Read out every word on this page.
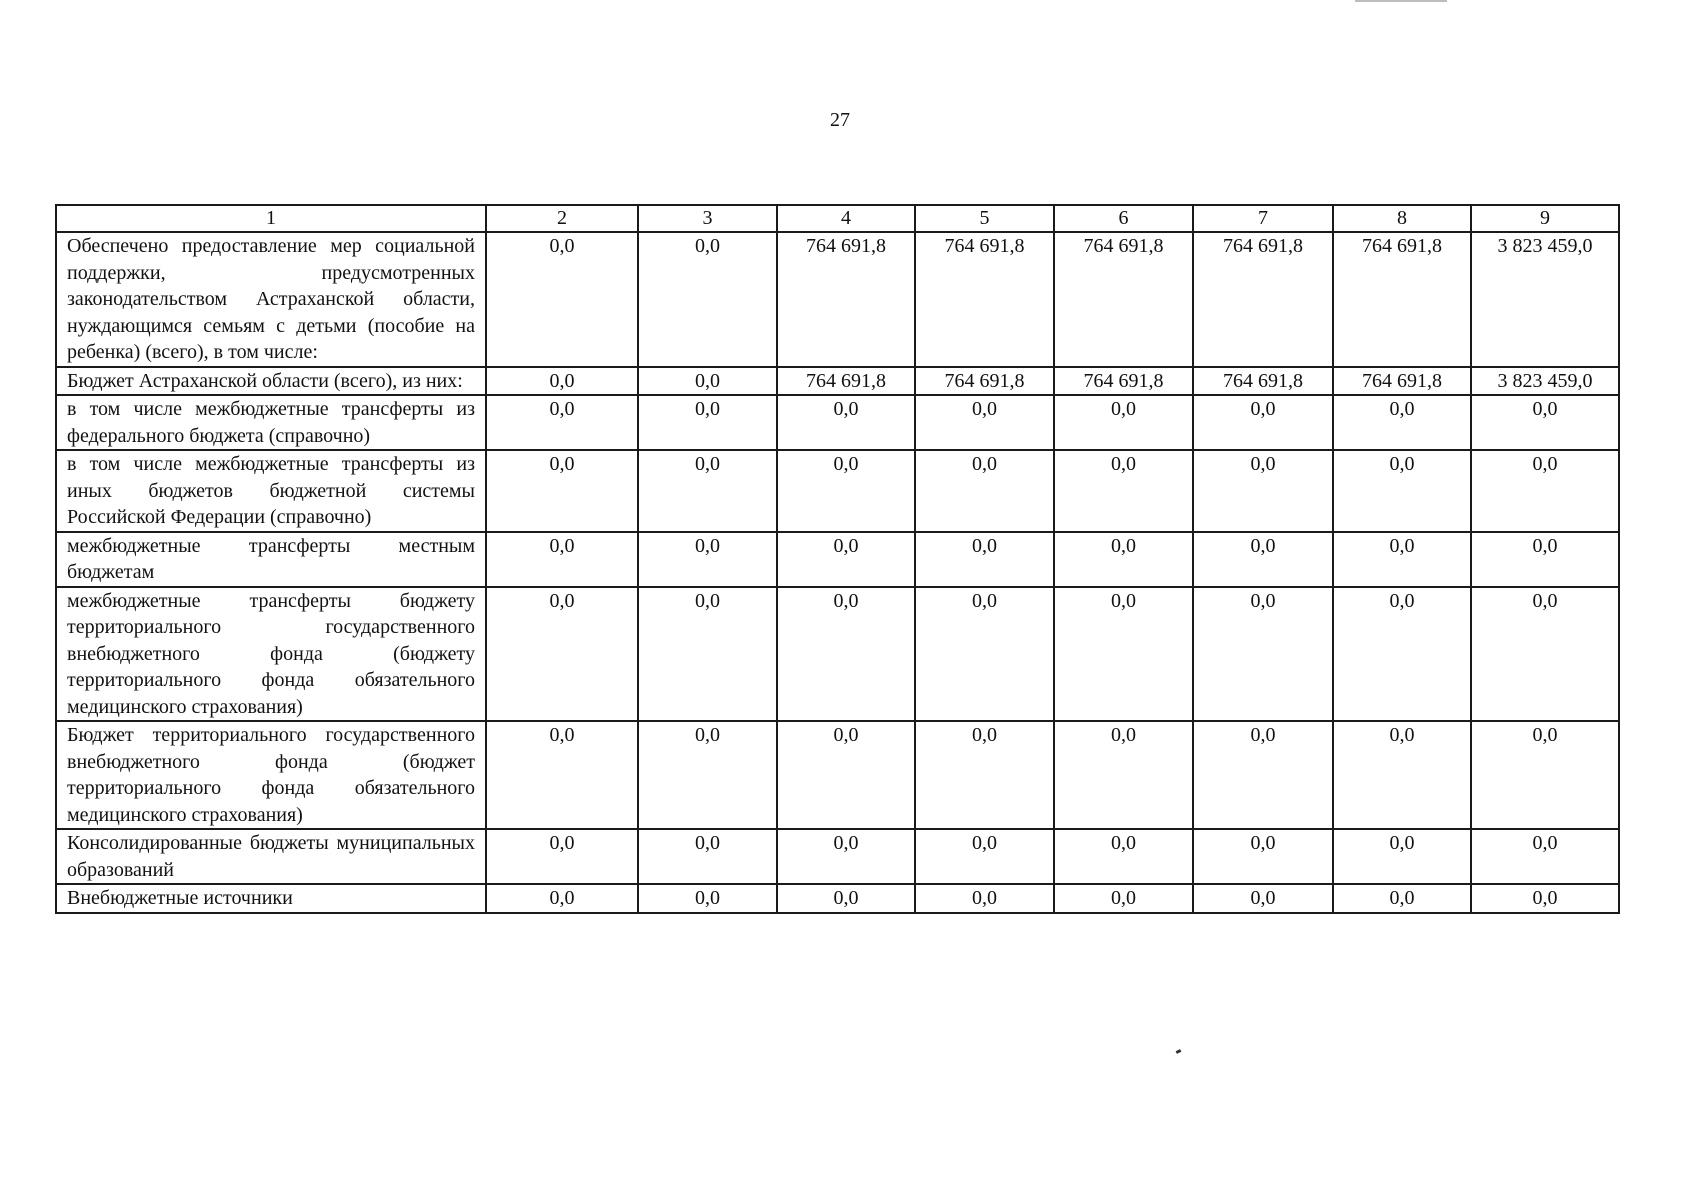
27
1	2	3	4	5	6	7	8	9
Обеспечено предоставление мер социальной поддержки, предусмотренных законодательством Астраханской области, нуждающимся семьям с детьми (пособие на ребенка) (всего), в том числе:	0,0	0,0	764 691,8	764 691,8	764 691,8	764 691,8	764 691,8	3 823 459,0
Бюджет Астраханской области (всего), из них:	0,0	0,0	764 691,8	764 691,8	764 691,8	764 691,8	764 691,8	3 823 459,0
в том числе межбюджетные трансферты из федерального бюджета (справочно)	0,0	0,0	0,0	0,0	0,0	0,0	0,0	0,0
в том числе межбюджетные трансферты из иных бюджетов бюджетной системы Российской Федерации (справочно)	0,0	0,0	0,0	0,0	0,0	0,0	0,0	0,0
межбюджетные трансферты местным бюджетам	0,0	0,0	0,0	0,0	0,0	0,0	0,0	0,0
межбюджетные трансферты бюджету территориального государственного внебюджетного фонда (бюджету территориального фонда обязательного медицинского страхования)	0,0	0,0	0,0	0,0	0,0	0,0	0,0	0,0
Бюджет территориального государственного внебюджетного фонда (бюджет территориального фонда обязательного медицинского страхования)	0,0	0,0	0,0	0,0	0,0	0,0	0,0	0,0
Консолидированные бюджеты муниципальных образований	0,0	0,0	0,0	0,0	0,0	0,0	0,0	0,0
Внебюджетные источники	0,0	0,0	0,0	0,0	0,0	0,0	0,0	0,0
